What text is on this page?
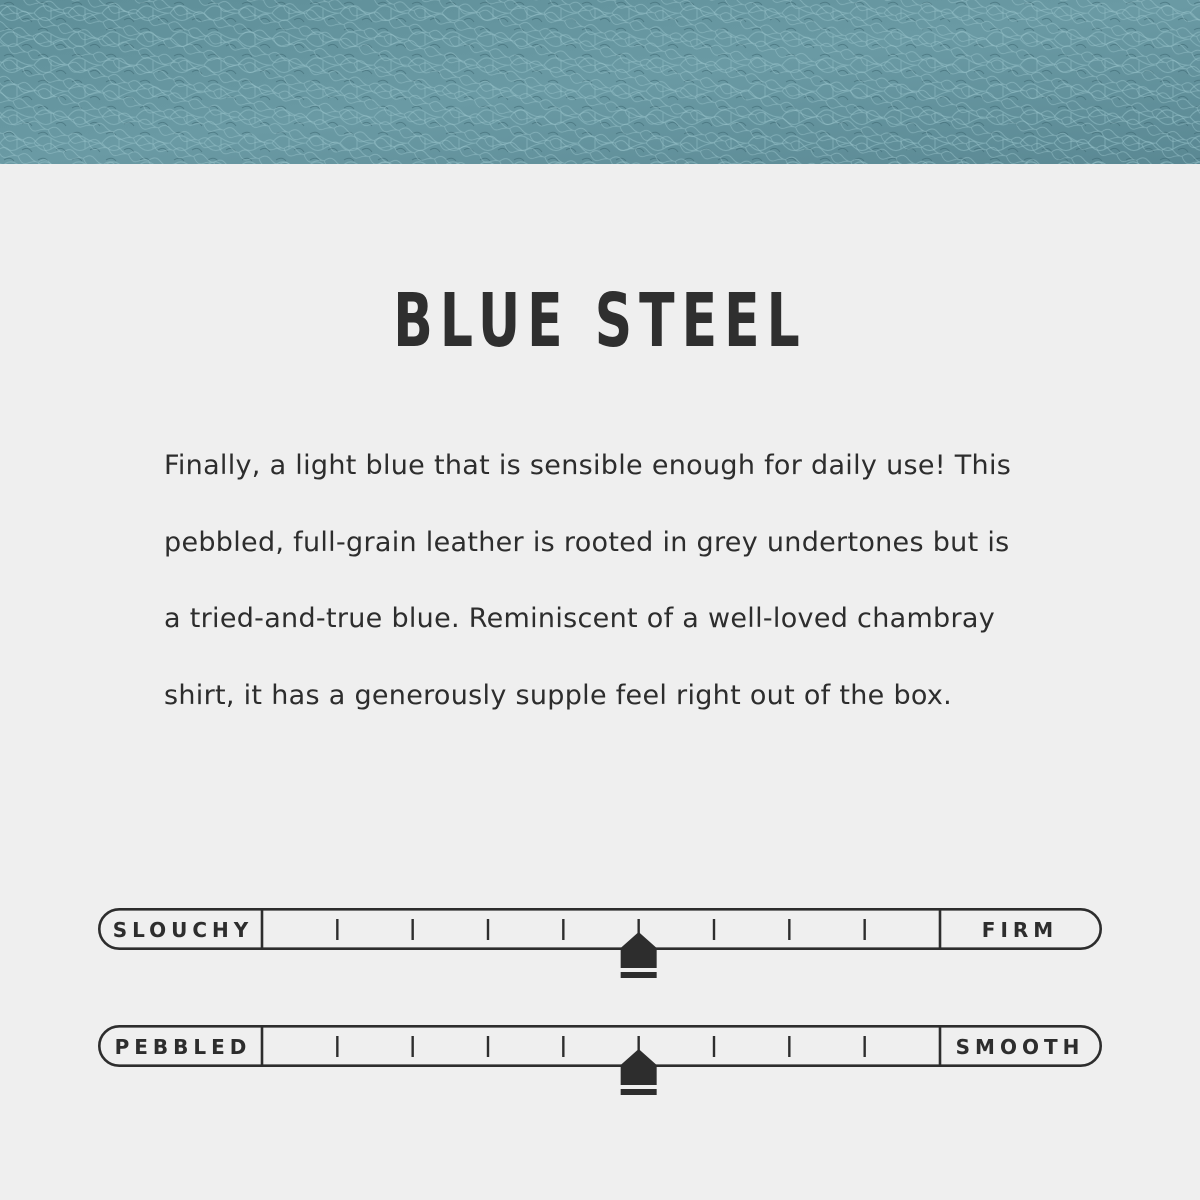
BLUE STEEL
Finally, a light blue that is sensible enough for daily use! This
pebbled, full-grain leather is rooted in grey undertones but is
a tried-and-true blue. Reminiscent of a well-loved chambray
shirt, it has a generously supple feel right out of the box.
SLOUCHY	FIRM
PEBBLED	SMOOTH
